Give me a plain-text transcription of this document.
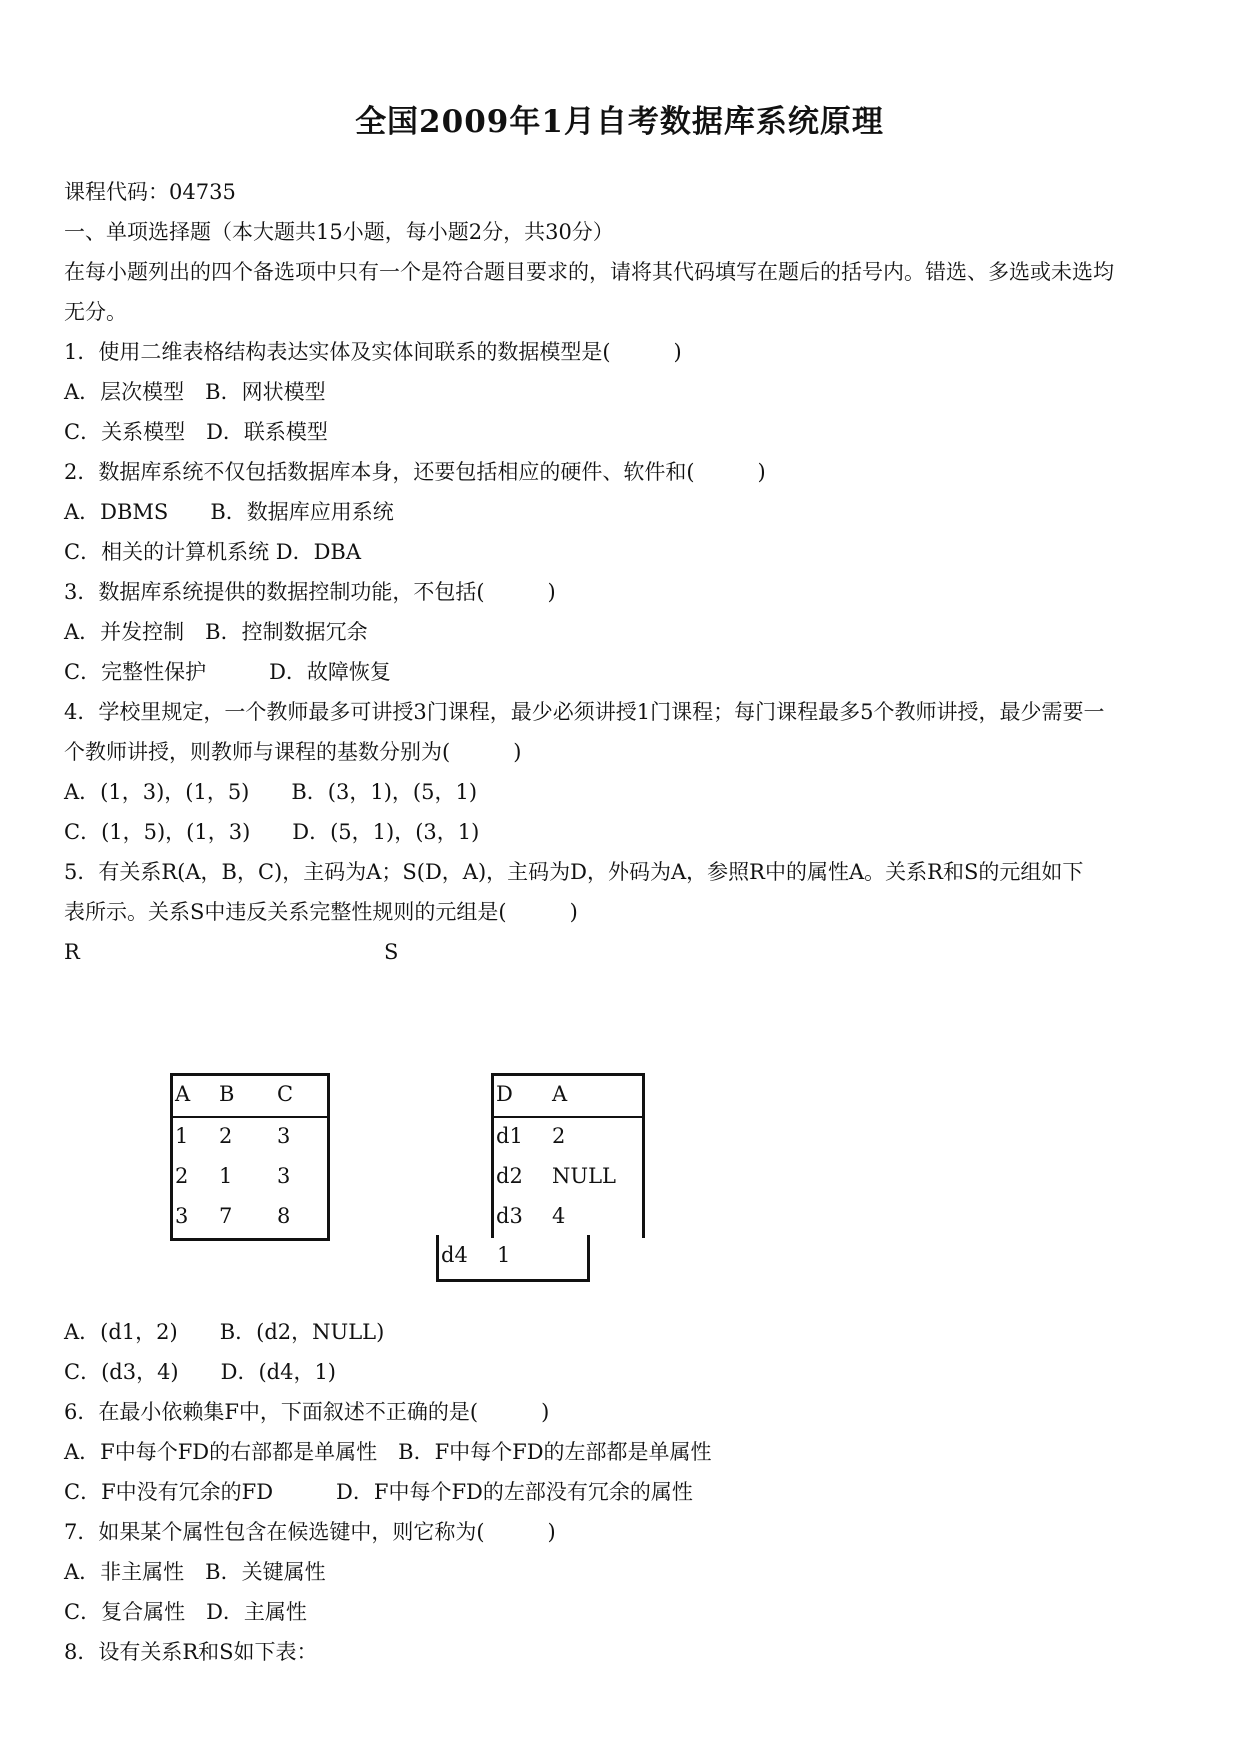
全国2009年1月自考数据库系统原理
课程代码：04735
一、单项选择题（本大题共15小题，每小题2分，共30分）
在每小题列出的四个备选项中只有一个是符合题目要求的，请将其代码填写在题后的括号内。错选、多选或未选均
无分。
1．使用二维表格结构表达实体及实体间联系的数据模型是(　　　)
A．层次模型　B．网状模型
C．关系模型　D．联系模型
2．数据库系统不仅包括数据库本身，还要包括相应的硬件、软件和(　　　)
A．DBMS　　B．数据库应用系统
C．相关的计算机系统 D．DBA
3．数据库系统提供的数据控制功能，不包括(　　　)
A．并发控制　B．控制数据冗余
C．完整性保护　　　D．故障恢复
4．学校里规定，一个教师最多可讲授3门课程，最少必须讲授1门课程；每门课程最多5个教师讲授，最少需要一
个教师讲授，则教师与课程的基数分别为(　　　)
A．(1，3)，(1，5)　　B．(3，1)，(5，1)
C．(1，5)，(1，3)　　D．(5，1)，(3，1)
5．有关系R(A，B，C)，主码为A；S(D，A)，主码为D，外码为A，参照R中的属性A。关系R和S的元组如下
表所示。关系S中违反关系完整性规则的元组是(　　　)
R	S
A B C
1 2 3
2 1 3
3 7 8
D A
d1 2
d2 NULL
d3 4
d4 1
A．(d1，2)　　B．(d2，NULL)
C．(d3，4)　　D．(d4，1)
6．在最小依赖集F中，下面叙述不正确的是(　　　)
A．F中每个FD的右部都是单属性　B．F中每个FD的左部都是单属性
C．F中没有冗余的FD　　　D．F中每个FD的左部没有冗余的属性
7．如果某个属性包含在候选键中，则它称为(　　　)
A．非主属性　B．关键属性
C．复合属性　D．主属性
8．设有关系R和S如下表：
